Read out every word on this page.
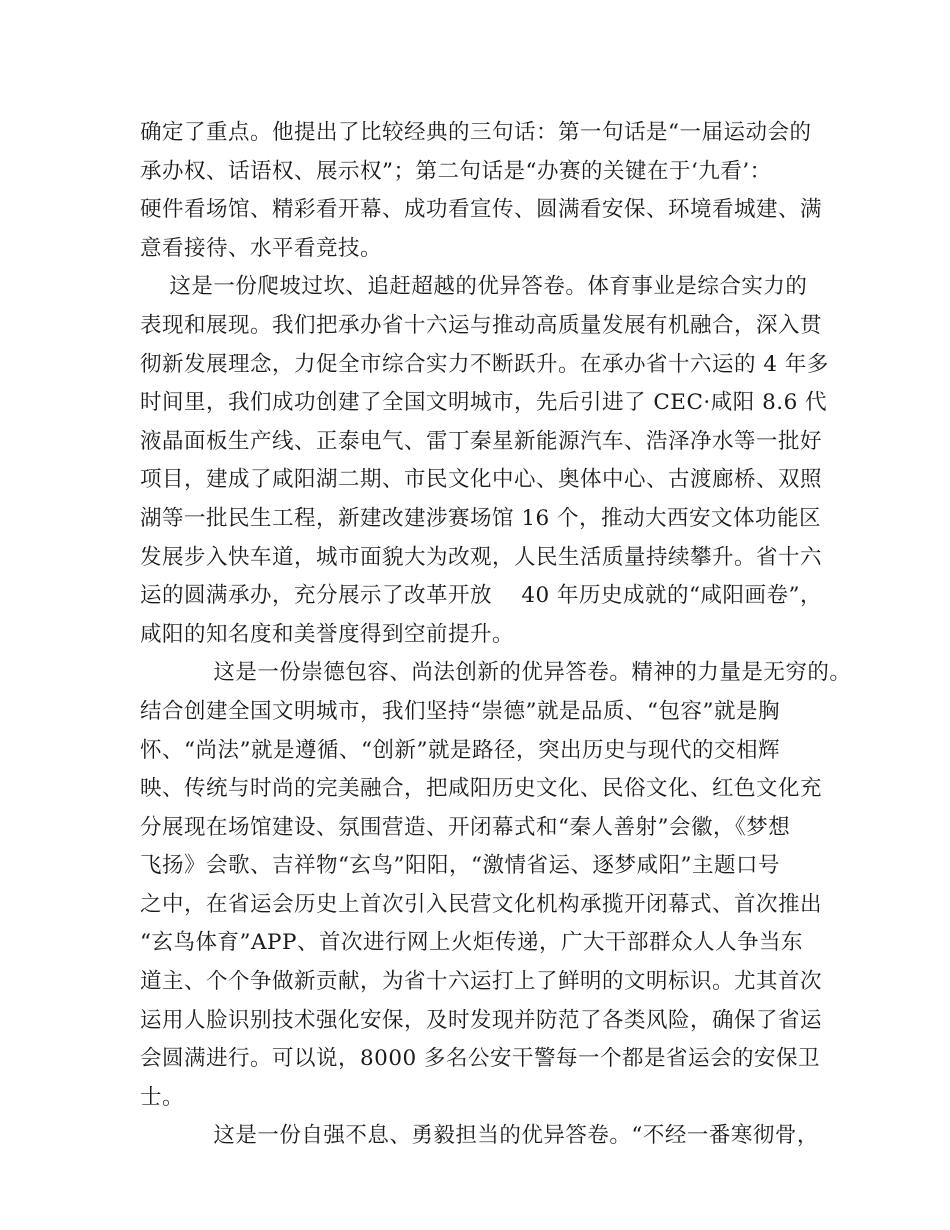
确定了重点。他提出了比较经典的三句话：第一句话是“一届运动会的
承办权、话语权、展示权”；第二句话是“办赛的关键在于‘九看’：
硬件看场馆、精彩看开幕、成功看宣传、圆满看安保、环境看城建、满
意看接待、水平看竞技。
这是一份爬坡过坎、追赶超越的优异答卷。体育事业是综合实力的
表现和展现。我们把承办省十六运与推动高质量发展有机融合，深入贯
彻新发展理念，力促全市综合实力不断跃升。在承办省十六运的 4 年多
时间里，我们成功创建了全国文明城市，先后引进了 CEC·咸阳 8.6 代
液晶面板生产线、正泰电气、雷丁秦星新能源汽车、浩泽净水等一批好
项目，建成了咸阳湖二期、市民文化中心、奥体中心、古渡廊桥、双照
湖等一批民生工程，新建改建涉赛场馆 16 个，推动大西安文体功能区
发展步入快车道，城市面貌大为改观，人民生活质量持续攀升。省十六
运的圆满承办，充分展示了改革开放    40 年历史成就的“咸阳画卷”，
咸阳的知名度和美誉度得到空前提升。
这是一份崇德包容、尚法创新的优异答卷。精神的力量是无穷的。
结合创建全国文明城市，我们坚持“崇德”就是品质、“包容”就是胸
怀、“尚法”就是遵循、“创新”就是路径，突出历史与现代的交相辉
映、传统与时尚的完美融合，把咸阳历史文化、民俗文化、红色文化充
分展现在场馆建设、氛围营造、开闭幕式和“秦人善射”会徽，《梦想
飞扬》会歌、吉祥物“玄鸟”阳阳，“激情省运、逐梦咸阳”主题口号
之中，在省运会历史上首次引入民营文化机构承揽开闭幕式、首次推出
“玄鸟体育”APP、首次进行网上火炬传递，广大干部群众人人争当东
道主、个个争做新贡献，为省十六运打上了鲜明的文明标识。尤其首次
运用人脸识别技术强化安保，及时发现并防范了各类风险，确保了省运
会圆满进行。可以说，8000 多名公安干警每一个都是省运会的安保卫
士。
这是一份自强不息、勇毅担当的优异答卷。“不经一番寒彻骨，
